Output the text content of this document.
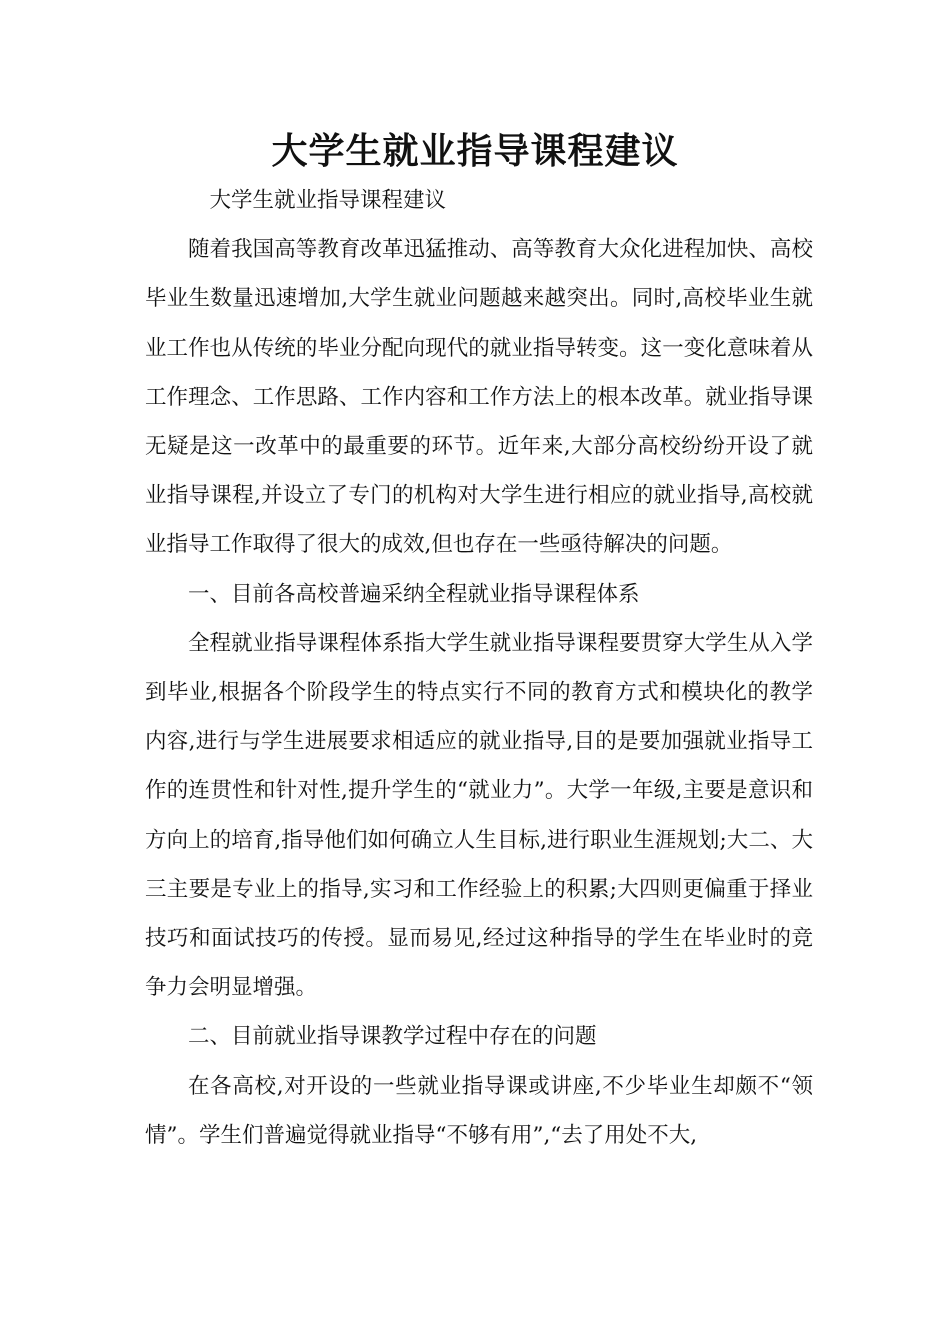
大学生就业指导课程建议

大学生就业指导课程建议

随着我国高等教育改革迅猛推动、高等教育大众化进程加快、高校毕业生数量迅速增加,大学生就业问题越来越突出。同时,高校毕业生就业工作也从传统的毕业分配向现代的就业指导转变。这一变化意味着从工作理念、工作思路、工作内容和工作方法上的根本改革。就业指导课无疑是这一改革中的最重要的环节。近年来,大部分高校纷纷开设了就业指导课程,并设立了专门的机构对大学生进行相应的就业指导,高校就业指导工作取得了很大的成效,但也存在一些亟待解决的问题。

一、目前各高校普遍采纳全程就业指导课程体系

全程就业指导课程体系指大学生就业指导课程要贯穿大学生从入学到毕业,根据各个阶段学生的特点实行不同的教育方式和模块化的教学内容,进行与学生进展要求相适应的就业指导,目的是要加强就业指导工作的连贯性和针对性,提升学生的“就业力”。大学一年级,主要是意识和方向上的培育,指导他们如何确立人生目标,进行职业生涯规划;大二、大三主要是专业上的指导,实习和工作经验上的积累;大四则更偏重于择业技巧和面试技巧的传授。显而易见,经过这种指导的学生在毕业时的竞争力会明显增强。

二、目前就业指导课教学过程中存在的问题

在各高校,对开设的一些就业指导课或讲座,不少毕业生却颇不“领情”。学生们普遍觉得就业指导“不够有用”,“去了用处不大,
